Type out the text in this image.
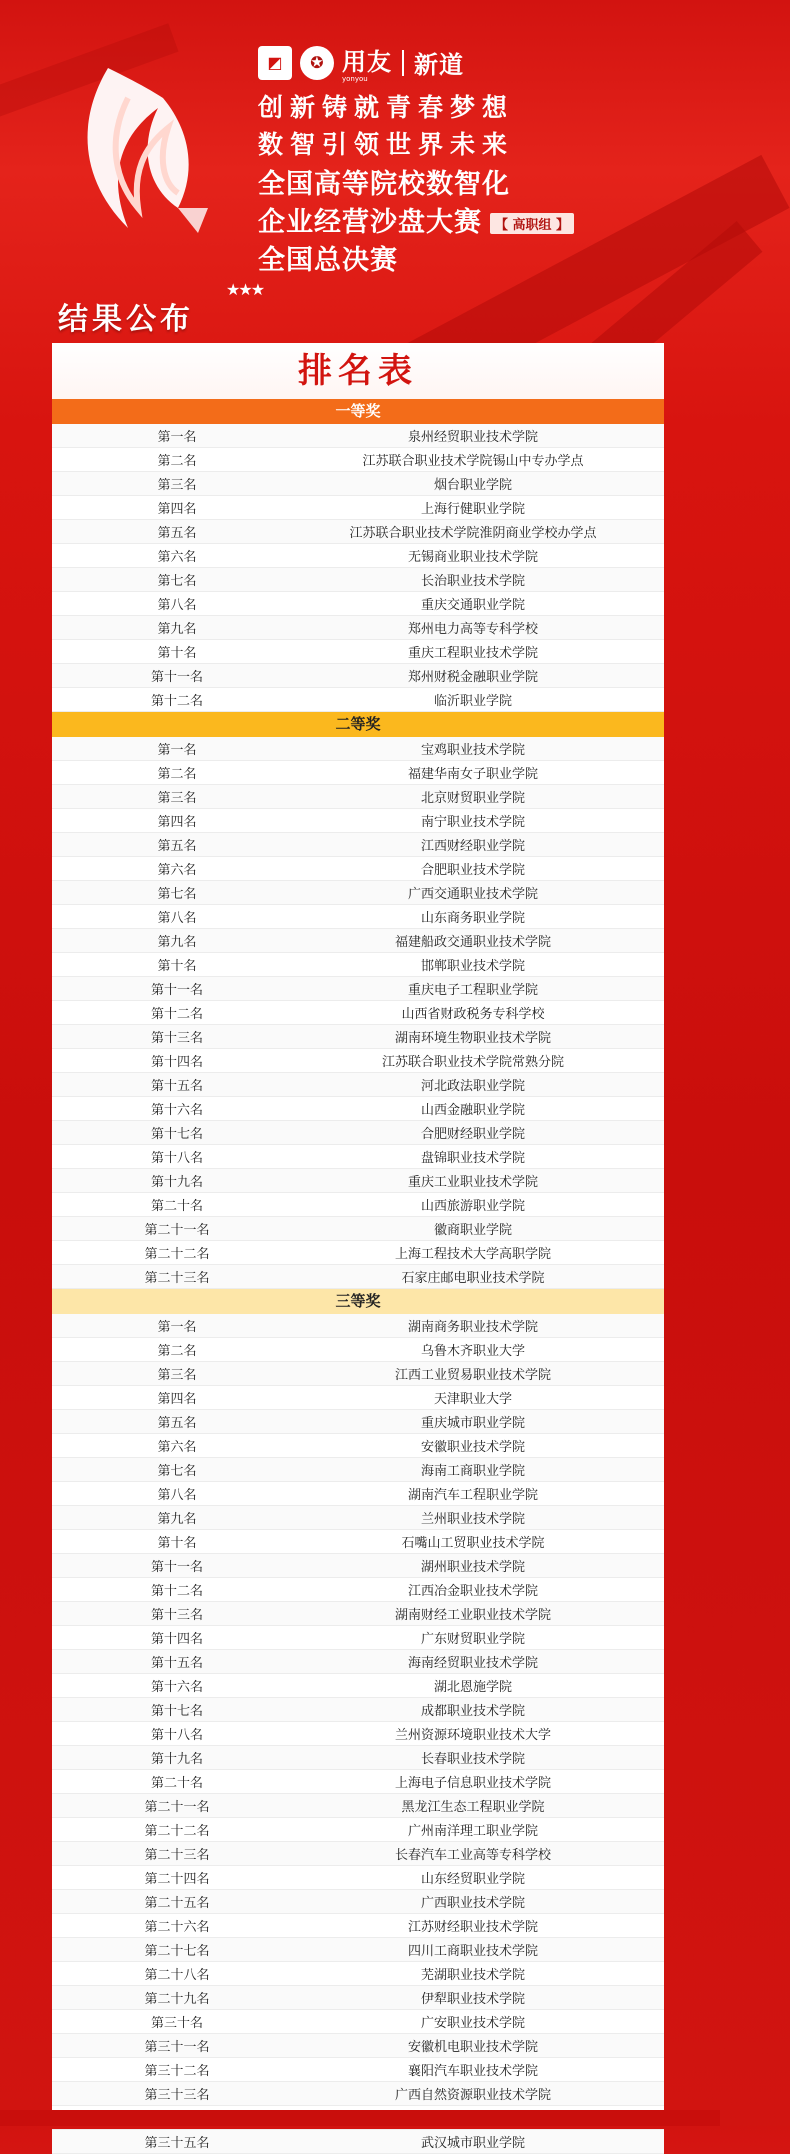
◩	✪ 用友
yonyou	新道
创新铸就青春梦想
数智引领世界未来
全国高等院校数智化
企业经营沙盘大赛 【 高职组 】
全国总决赛
结果公布
★★★
排名表
一等奖
第一名	泉州经贸职业技术学院
第二名	江苏联合职业技术学院锡山中专办学点
第三名	烟台职业学院
第四名	上海行健职业学院
第五名	江苏联合职业技术学院淮阴商业学校办学点
第六名	无锡商业职业技术学院
第七名	长治职业技术学院
第八名	重庆交通职业学院
第九名	郑州电力高等专科学校
第十名	重庆工程职业技术学院
第十一名	郑州财税金融职业学院
第十二名	临沂职业学院
二等奖
第一名	宝鸡职业技术学院
第二名	福建华南女子职业学院
第三名	北京财贸职业学院
第四名	南宁职业技术学院
第五名	江西财经职业学院
第六名	合肥职业技术学院
第七名	广西交通职业技术学院
第八名	山东商务职业学院
第九名	福建船政交通职业技术学院
第十名	邯郸职业技术学院
第十一名	重庆电子工程职业学院
第十二名	山西省财政税务专科学校
第十三名	湖南环境生物职业技术学院
第十四名	江苏联合职业技术学院常熟分院
第十五名	河北政法职业学院
第十六名	山西金融职业学院
第十七名	合肥财经职业学院
第十八名	盘锦职业技术学院
第十九名	重庆工业职业技术学院
第二十名	山西旅游职业学院
第二十一名	徽商职业学院
第二十二名	上海工程技术大学高职学院
第二十三名	石家庄邮电职业技术学院
三等奖
第一名	湖南商务职业技术学院
第二名	乌鲁木齐职业大学
第三名	江西工业贸易职业技术学院
第四名	天津职业大学
第五名	重庆城市职业学院
第六名	安徽职业技术学院
第七名	海南工商职业学院
第八名	湖南汽车工程职业学院
第九名	兰州职业技术学院
第十名	石嘴山工贸职业技术学院
第十一名	湖州职业技术学院
第十二名	江西冶金职业技术学院
第十三名	湖南财经工业职业技术学院
第十四名	广东财贸职业学院
第十五名	海南经贸职业技术学院
第十六名	湖北恩施学院
第十七名	成都职业技术学院
第十八名	兰州资源环境职业技术大学
第十九名	长春职业技术学院
第二十名	上海电子信息职业技术学院
第二十一名	黑龙江生态工程职业学院
第二十二名	广州南洋理工职业学院
第二十三名	长春汽车工业高等专科学校
第二十四名	山东经贸职业学院
第二十五名	广西职业技术学院
第二十六名	江苏财经职业技术学院
第二十七名	四川工商职业技术学院
第二十八名	芜湖职业技术学院
第二十九名	伊犁职业技术学院
第三十名	广安职业技术学院
第三十一名	安徽机电职业技术学院
第三十二名	襄阳汽车职业技术学院
第三十三名	广西自然资源职业技术学院
第三十五名	武汉城市职业学院
